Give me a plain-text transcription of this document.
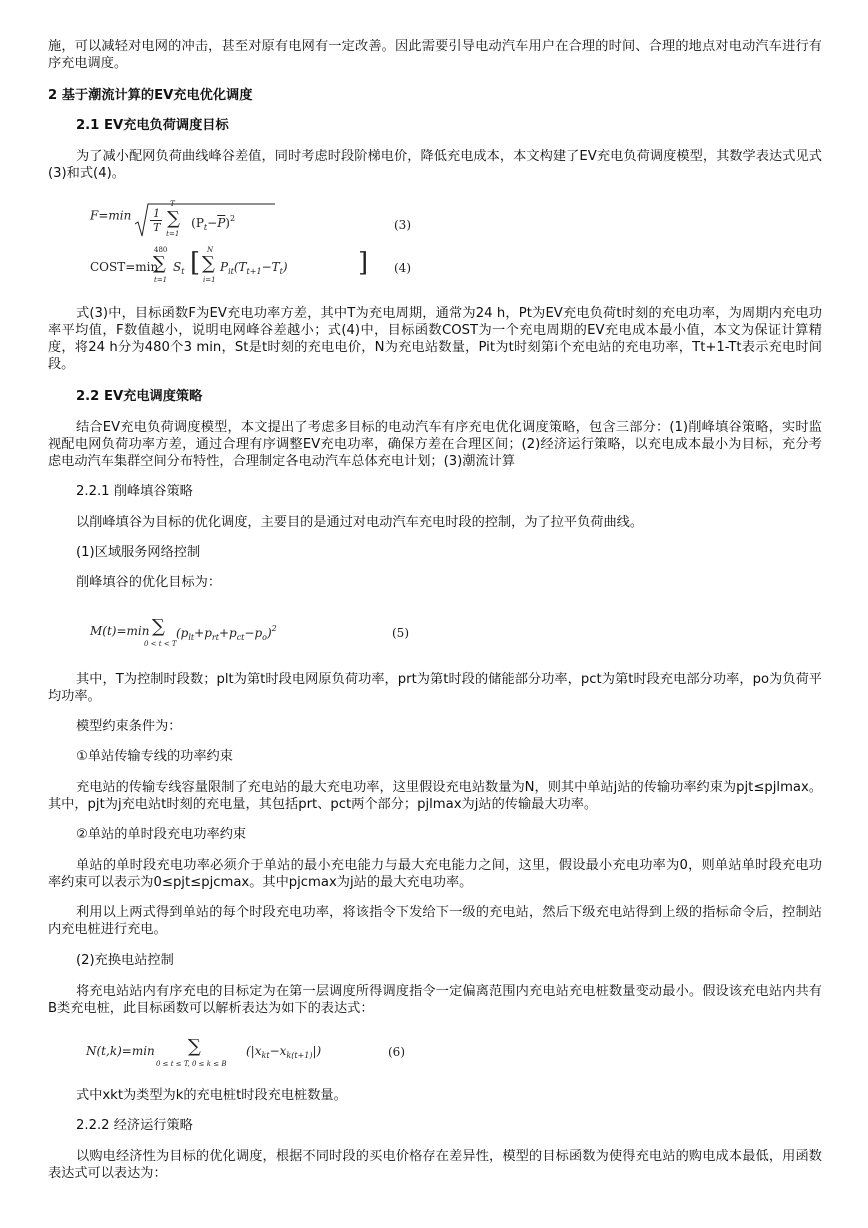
施，可以减轻对电网的冲击，甚至对原有电网有一定改善。因此需要引导电动汽车用户在合理的时间、合理的地点对电动汽车进行有序充电调度。

2 基于潮流计算的EV充电优化调度

2.1 EV充电负荷调度目标

为了减小配网负荷曲线峰谷差值，同时考虑时段阶梯电价，降低充电成本，本文构建了EV充电负荷调度模型，其数学表达式见式(3)和式(4)。

F=min 1
T
T
∑
t=1
$(P_t-\overline{P})^2$	(3)
COST=min
480
∑
t=1
$S_t$ [ N
∑
i=1
$P_{it}(T_{t+1}-T_t)$	] (4)

式(3)中，目标函数F为EV充电功率方差，其中T为充电周期，通常为24 h，Pt为EV充电负荷t时刻的充电功率，为周期内充电功率平均值，F数值越小，说明电网峰谷差越小；式(4)中，目标函数COST为一个充电周期的EV充电成本最小值，本文为保证计算精度，将24 h分为480个3 min，St是t时刻的充电电价，N为充电站数量，Pit为t时刻第i个充电站的充电功率，Tt+1-Tt表示充电时间段。

2.2 EV充电调度策略

结合EV充电负荷调度模型，本文提出了考虑多目标的电动汽车有序充电优化调度策略，包含三部分：(1)削峰填谷策略，实时监视配电网负荷功率方差，通过合理有序调整EV充电功率，确保方差在合理区间；(2)经济运行策略，以充电成本最小为目标，充分考虑电动汽车集群空间分布特性，合理制定各电动汽车总体充电计划；(3)潮流计算

2.2.1 削峰填谷策略

以削峰填谷为目标的优化调度，主要目的是通过对电动汽车充电时段的控制，为了拉平负荷曲线。

(1)区域服务网络控制

削峰填谷的优化目标为：

M(t)=min ∑
0 < t < T
$(p_{lt}+p_{rt}+p_{ct}-p_o)^2$	(5)

其中，T为控制时段数；plt为第t时段电网原负荷功率，prt为第t时段的储能部分功率，pct为第t时段充电部分功率，po为负荷平均功率。

模型约束条件为：

①单站传输专线的功率约束

充电站的传输专线容量限制了充电站的最大充电功率，这里假设充电站数量为N，则其中单站j站的传输功率约束为pjt≤pjlmax。其中，pjt为j充电站t时刻的充电量，其包括prt、pct两个部分；pjlmax为j站的传输最大功率。

②单站的单时段充电功率约束

单站的单时段充电功率必须介于单站的最小充电能力与最大充电能力之间，这里，假设最小充电功率为0，则单站单时段充电功率约束可以表示为0≤pjt≤pjcmax。其中pjcmax为j站的最大充电功率。

利用以上两式得到单站的每个时段充电功率，将该指令下发给下一级的充电站，然后下级充电站得到上级的指标命令后，控制站内充电桩进行充电。

(2)充换电站控制

将充电站站内有序充电的目标定为在第一层调度所得调度指令一定偏离范围内充电站充电桩数量变动最小。假设该充电站内共有B类充电桩，此目标函数可以解析表达为如下的表达式：

N(t,k)=min ∑
0 ≤ t ≤ T, 0 ≤ k ≤ B
$(|x_{kt}-x_{k(t+1)}|)$	(6)

式中xkt为类型为k的充电桩t时段充电桩数量。

2.2.2 经济运行策略

以购电经济性为目标的优化调度，根据不同时段的买电价格存在差异性，模型的目标函数为使得充电站的购电成本最低，用函数表达式可以表达为：
